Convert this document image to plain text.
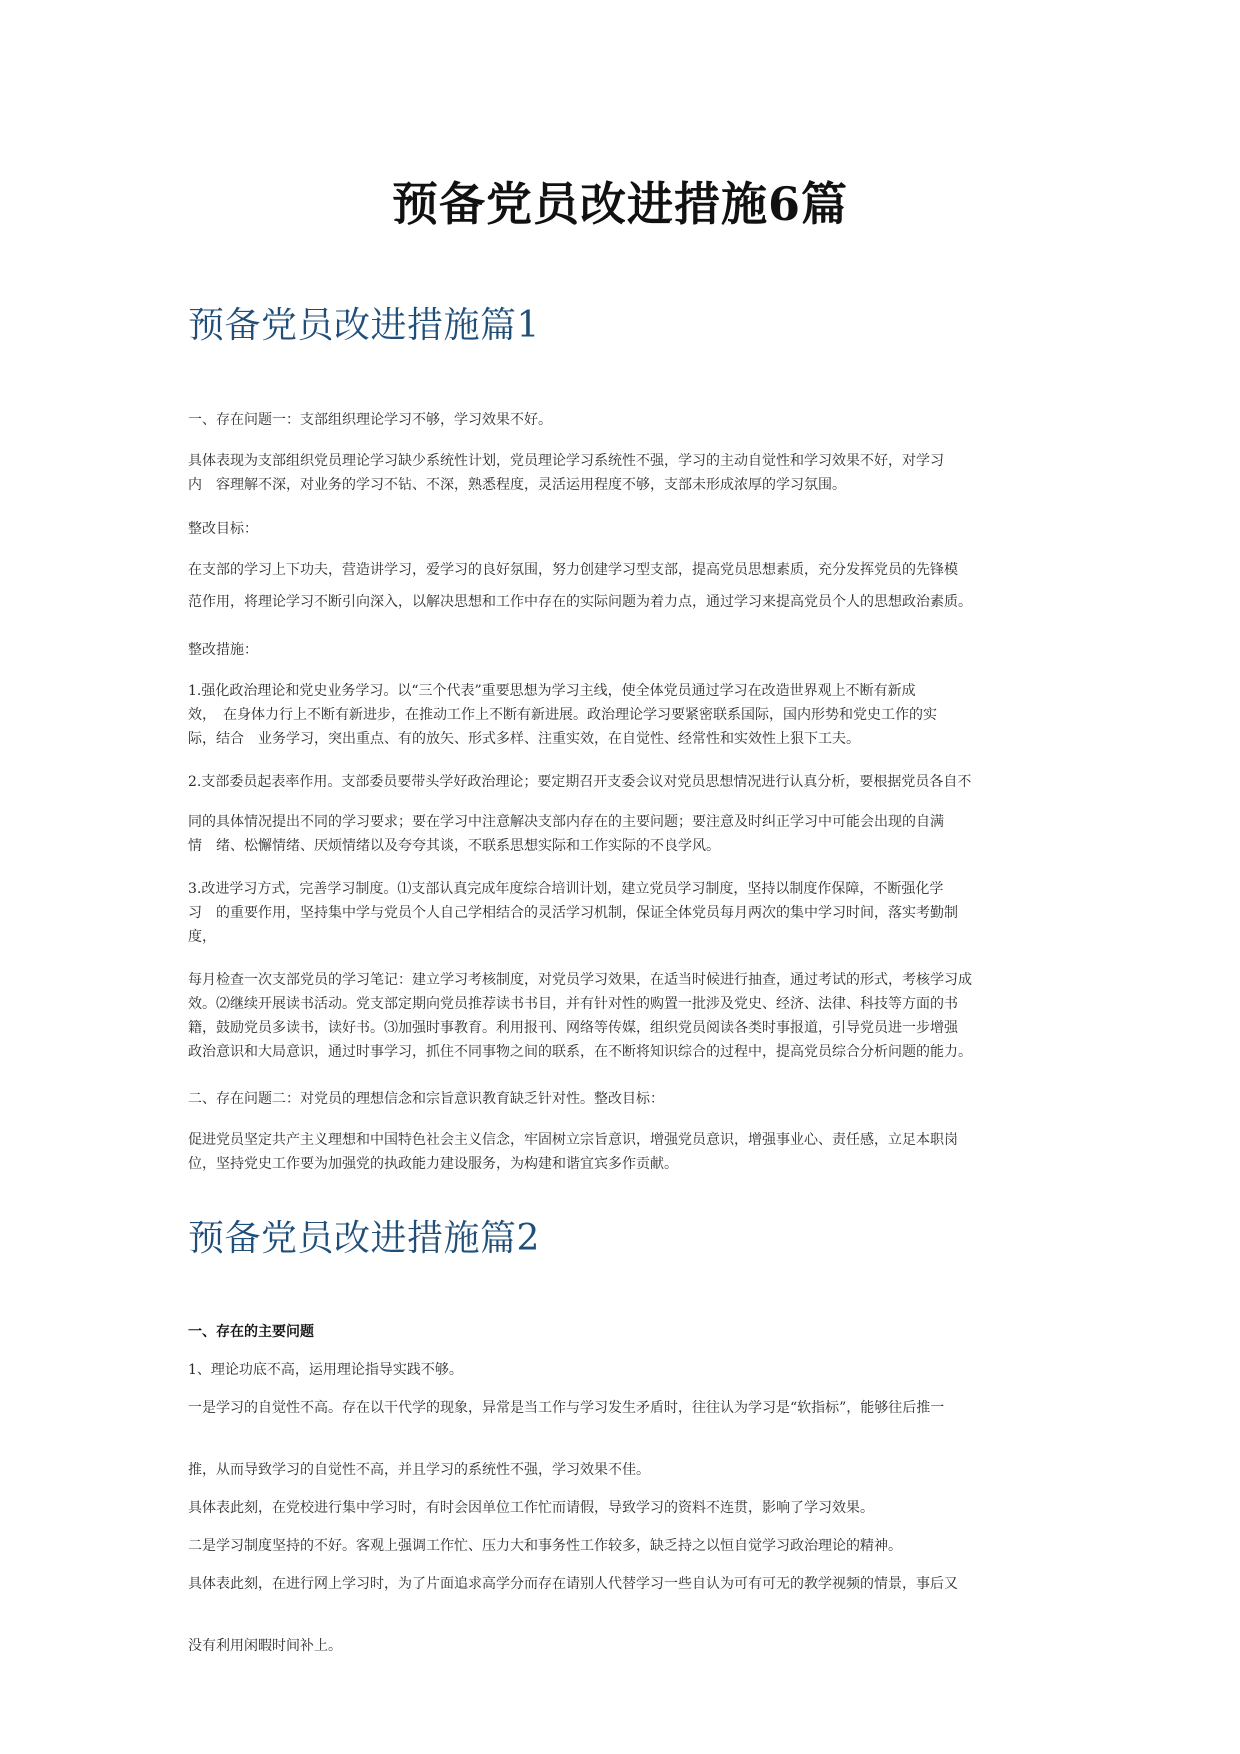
预备党员改进措施6篇
预备党员改进措施篇1

一、存在问题一：支部组织理论学习不够，学习效果不好。

具体表现为支部组织党员理论学习缺少系统性计划，党员理论学习系统性不强，学习的主动自觉性和学习效果不好，对学习
内　容理解不深，对业务的学习不钻、不深，熟悉程度，灵活运用程度不够，支部未形成浓厚的学习氛围。

整改目标：

在支部的学习上下功夫，营造讲学习，爱学习的良好氛围，努力创建学习型支部，提高党员思想素质，充分发挥党员的先锋模

范作用，将理论学习不断引向深入，以解决思想和工作中存在的实际问题为着力点，通过学习来提高党员个人的思想政治素质。

整改措施：

1.强化政治理论和党史业务学习。以“三个代表”重要思想为学习主线，使全体党员通过学习在改造世界观上不断有新成
效，　在身体力行上不断有新进步，在推动工作上不断有新进展。政治理论学习要紧密联系国际，国内形势和党史工作的实
际，结合　业务学习，突出重点、有的放矢、形式多样、注重实效，在自觉性、经常性和实效性上狠下工夫。

2.支部委员起表率作用。支部委员要带头学好政治理论；要定期召开支委会议对党员思想情况进行认真分析，要根据党员各自不

同的具体情况提出不同的学习要求；要在学习中注意解决支部内存在的主要问题；要注意及时纠正学习中可能会出现的自满
情　绪、松懈情绪、厌烦情绪以及夸夸其谈，不联系思想实际和工作实际的不良学风。

3.改进学习方式，完善学习制度。⑴支部认真完成年度综合培训计划，建立党员学习制度，坚持以制度作保障，不断强化学
习　的重要作用，坚持集中学与党员个人自己学相结合的灵活学习机制，保证全体党员每月两次的集中学习时间，落实考勤制
度，

每月检查一次支部党员的学习笔记：建立学习考核制度，对党员学习效果，在适当时候进行抽查，通过考试的形式，考核学习成
效。⑵继续开展读书活动。党支部定期向党员推荐读书书目，并有针对性的购置一批涉及党史、经济、法律、科技等方面的书
籍，鼓励党员多读书，读好书。⑶加强时事教育。利用报刊、网络等传媒，组织党员阅读各类时事报道，引导党员进一步增强
政治意识和大局意识，通过时事学习，抓住不同事物之间的联系，在不断将知识综合的过程中，提高党员综合分析问题的能力。

二、存在问题二：对党员的理想信念和宗旨意识教育缺乏针对性。整改目标：

促进党员坚定共产主义理想和中国特色社会主义信念，牢固树立宗旨意识，增强党员意识，增强事业心、责任感，立足本职岗
位，坚持党史工作要为加强党的执政能力建设服务，为构建和谐宜宾多作贡献。

预备党员改进措施篇2

一、存在的主要问题

1、理论功底不高，运用理论指导实践不够。

一是学习的自觉性不高。存在以干代学的现象，异常是当工作与学习发生矛盾时，往往认为学习是“软指标”，能够往后推一

推，从而导致学习的自觉性不高，并且学习的系统性不强，学习效果不佳。

具体表此刻，在党校进行集中学习时，有时会因单位工作忙而请假，导致学习的资料不连贯，影响了学习效果。

二是学习制度坚持的不好。客观上强调工作忙、压力大和事务性工作较多，缺乏持之以恒自觉学习政治理论的精神。

具体表此刻，在进行网上学习时，为了片面追求高学分而存在请别人代替学习一些自认为可有可无的教学视频的情景，事后又

没有利用闲暇时间补上。
